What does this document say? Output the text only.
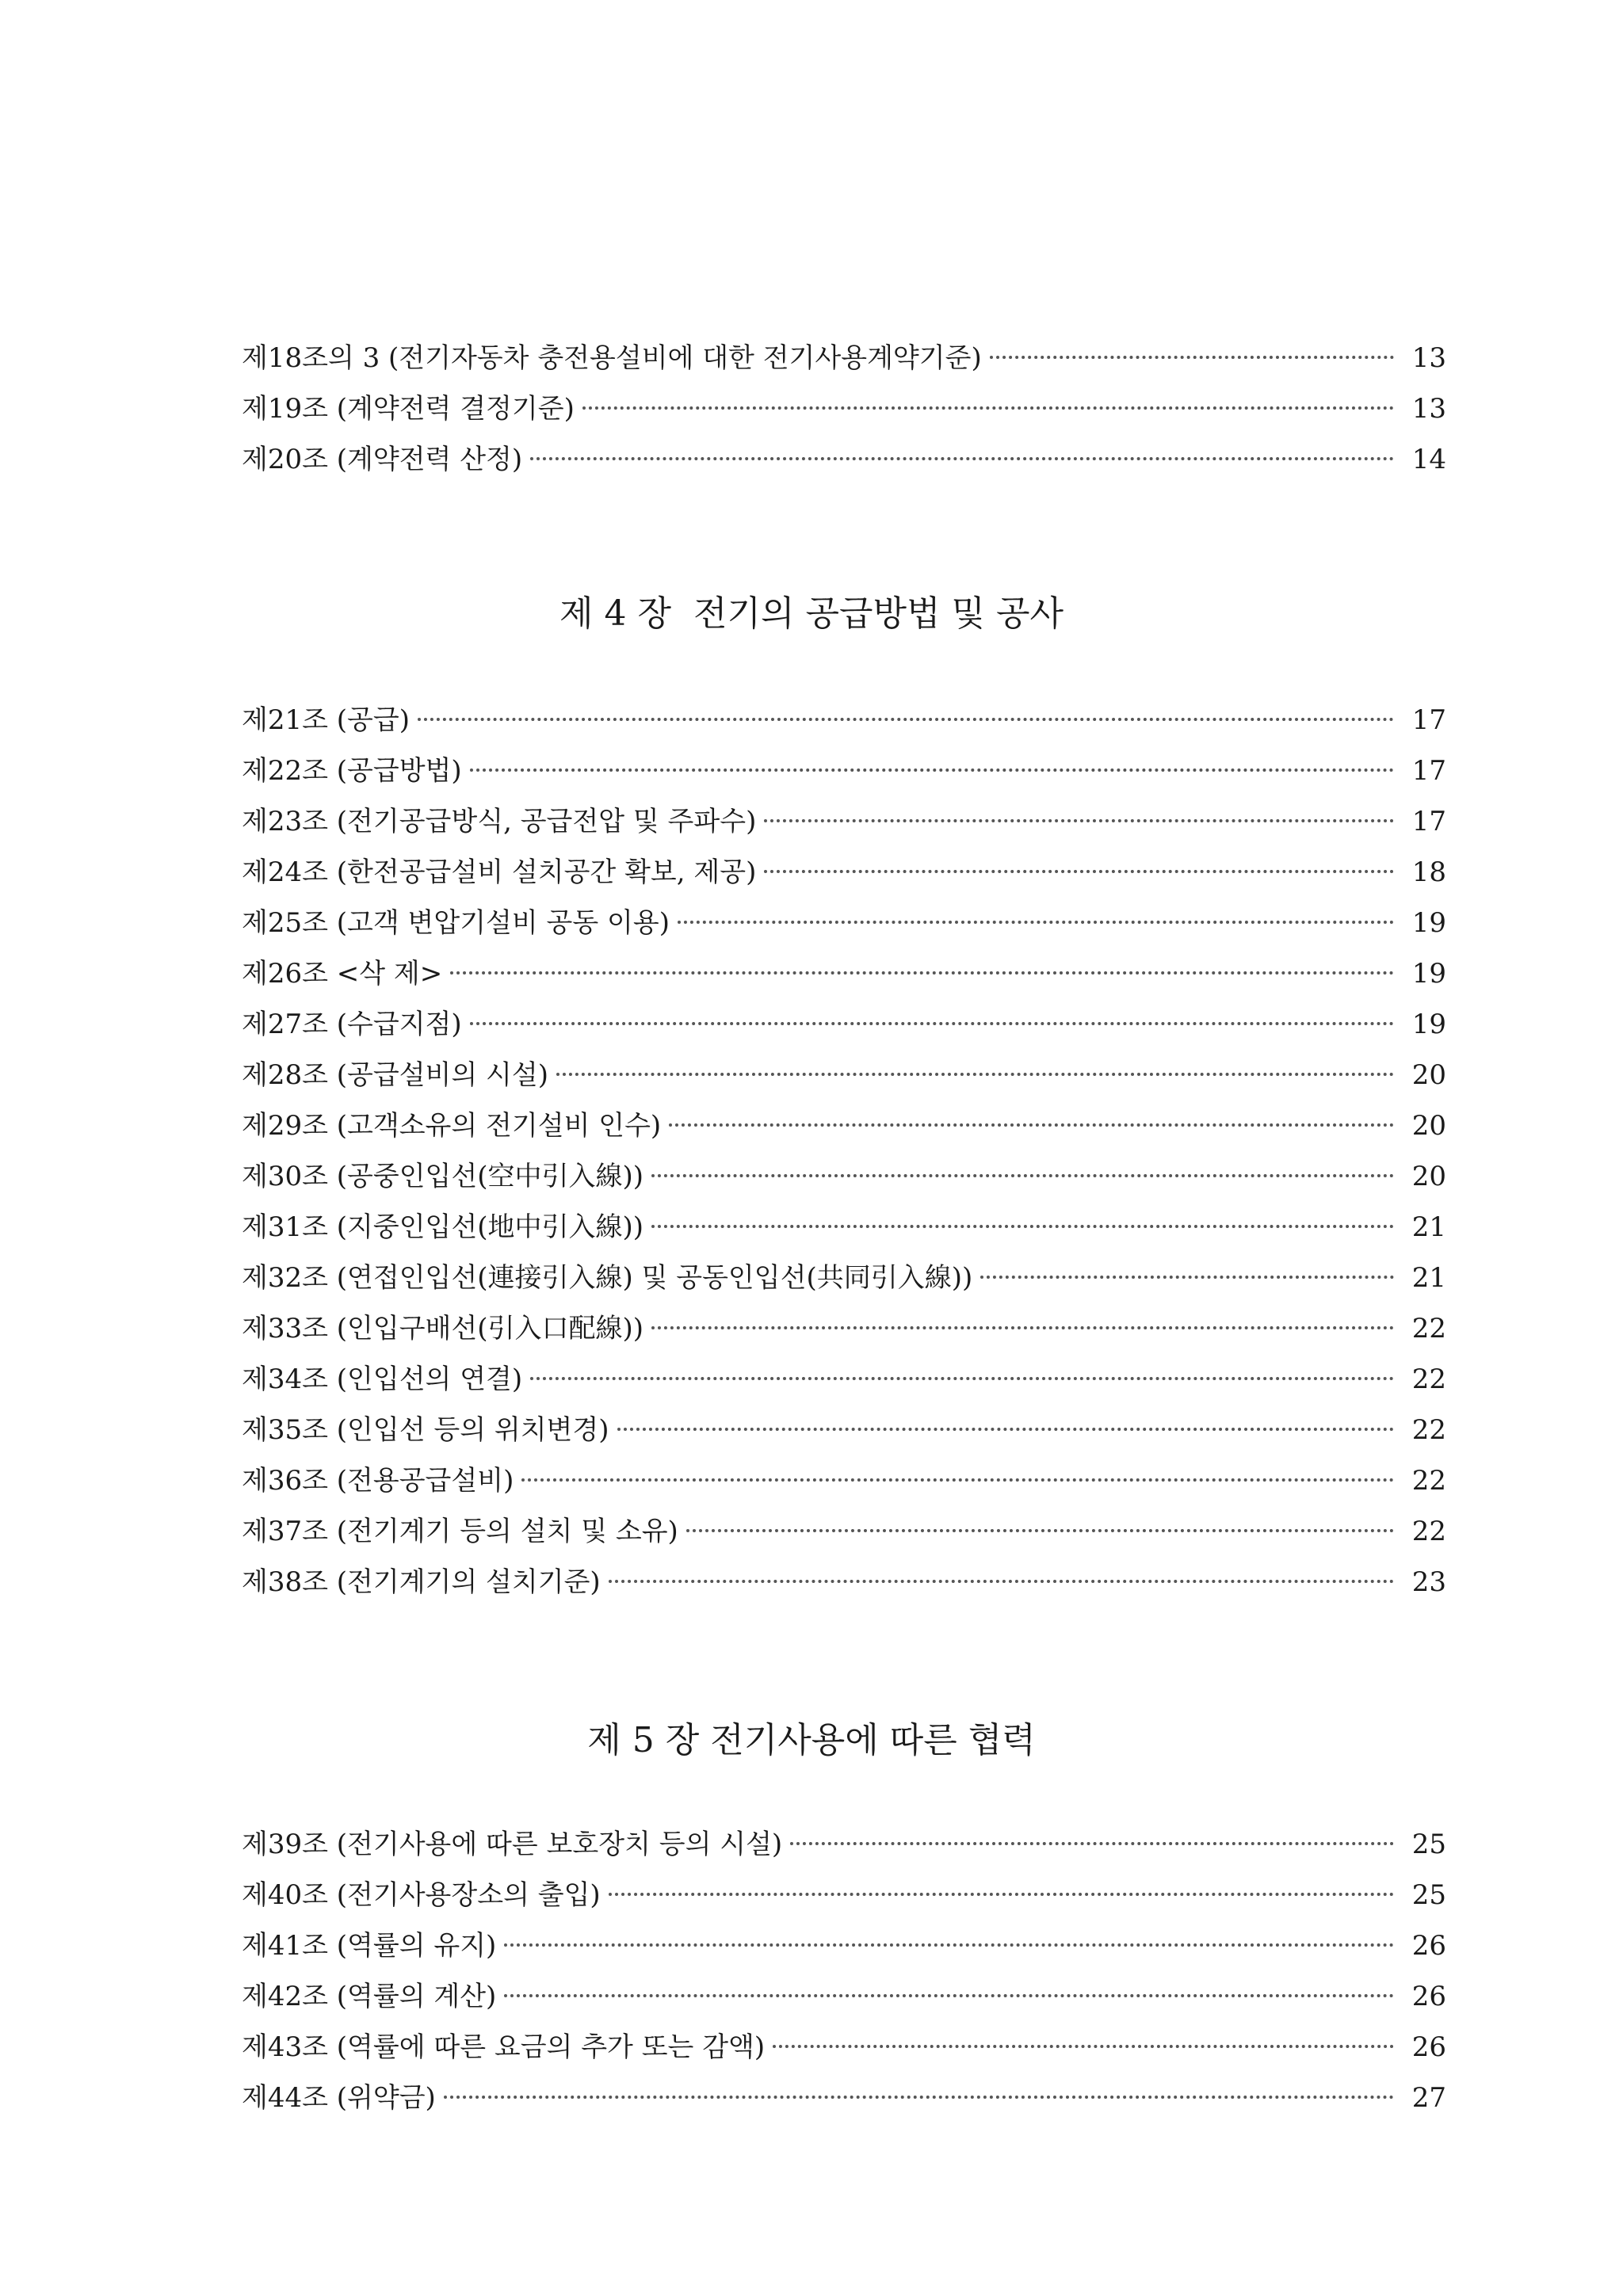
제18조의 3 (전기자동차 충전용설비에 대한 전기사용계약기준)	13
제19조 (계약전력 결정기준)	13
제20조 (계약전력 산정)	14
제 4 장  전기의 공급방법 및 공사
제21조 (공급)	17
제22조 (공급방법)	17
제23조 (전기공급방식, 공급전압 및 주파수)	17
제24조 (한전공급설비 설치공간 확보, 제공)	18
제25조 (고객 변압기설비 공동 이용)	19
제26조 <삭 제>	19
제27조 (수급지점)	19
제28조 (공급설비의 시설)	20
제29조 (고객소유의 전기설비 인수)	20
제30조 (공중인입선(空中引入線))	20
제31조 (지중인입선(地中引入線))	21
제32조 (연접인입선(連接引入線) 및 공동인입선(共同引入線))	21
제33조 (인입구배선(引入口配線))	22
제34조 (인입선의 연결)	22
제35조 (인입선 등의 위치변경)	22
제36조 (전용공급설비)	22
제37조 (전기계기 등의 설치 및 소유)	22
제38조 (전기계기의 설치기준)	23
제 5 장 전기사용에 따른 협력
제39조 (전기사용에 따른 보호장치 등의 시설)	25
제40조 (전기사용장소의 출입)	25
제41조 (역률의 유지)	26
제42조 (역률의 계산)	26
제43조 (역률에 따른 요금의 추가 또는 감액)	26
제44조 (위약금)	27
